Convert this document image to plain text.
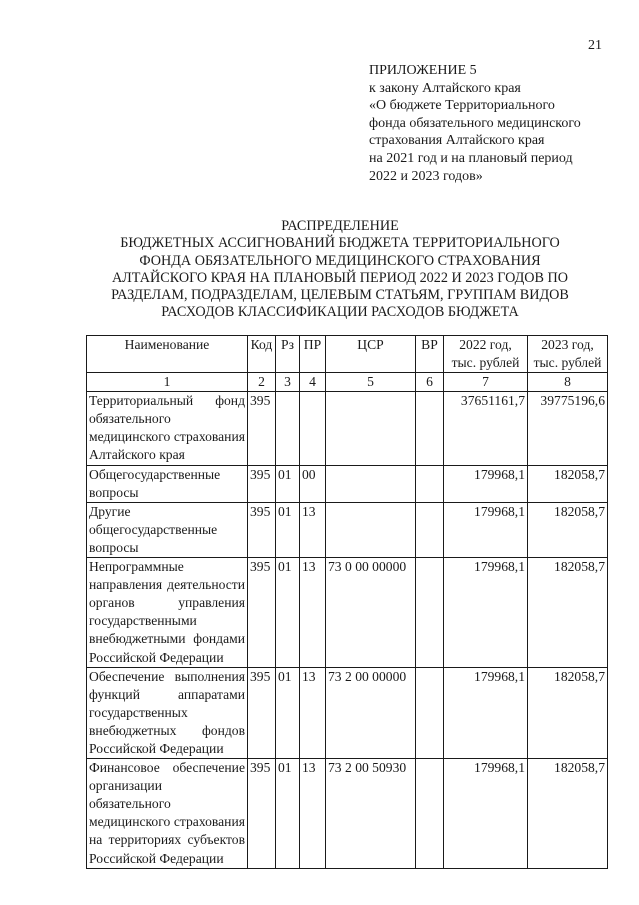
21
ПРИЛОЖЕНИЕ 5
к закону Алтайского края
«О бюджете Территориального
фонда обязательного медицинского
страхования Алтайского края
на 2021 год и на плановый период
2022 и 2023 годов»
РАСПРЕДЕЛЕНИЕ
БЮДЖЕТНЫХ АССИГНОВАНИЙ БЮДЖЕТА ТЕРРИТОРИАЛЬНОГО
ФОНДА ОБЯЗАТЕЛЬНОГО МЕДИЦИНСКОГО СТРАХОВАНИЯ
АЛТАЙСКОГО КРАЯ НА ПЛАНОВЫЙ ПЕРИОД 2022 И 2023 ГОДОВ ПО
РАЗДЕЛАМ, ПОДРАЗДЕЛАМ, ЦЕЛЕВЫМ СТАТЬЯМ, ГРУППАМ ВИДОВ
РАСХОДОВ КЛАССИФИКАЦИИ РАСХОДОВ БЮДЖЕТА
Наименование	Код	Рз	ПР	ЦСР	ВР	2022 год, тыс. рублей	2023 год, тыс. рублей
1	2	3	4	5	6	7	8
Территориальный фонд обязательного медицинского страхования Алтайского края	395					37651161,7	39775196,6
Общегосударственные вопросы	395	01	00			179968,1	182058,7
Другие общегосударственные вопросы	395	01	13			179968,1	182058,7
Непрограммные направления деятельности органов управления государственными внебюджетными фондами Российской Федерации	395	01	13	73 0 00 00000		179968,1	182058,7
Обеспечение выполнения функций аппаратами государственных внебюджетных фондов Российской Федерации	395	01	13	73 2 00 00000		179968,1	182058,7
Финансовое обеспечение организации обязательного медицинского страхования на территориях субъектов Российской Федерации	395	01	13	73 2 00 50930		179968,1	182058,7
